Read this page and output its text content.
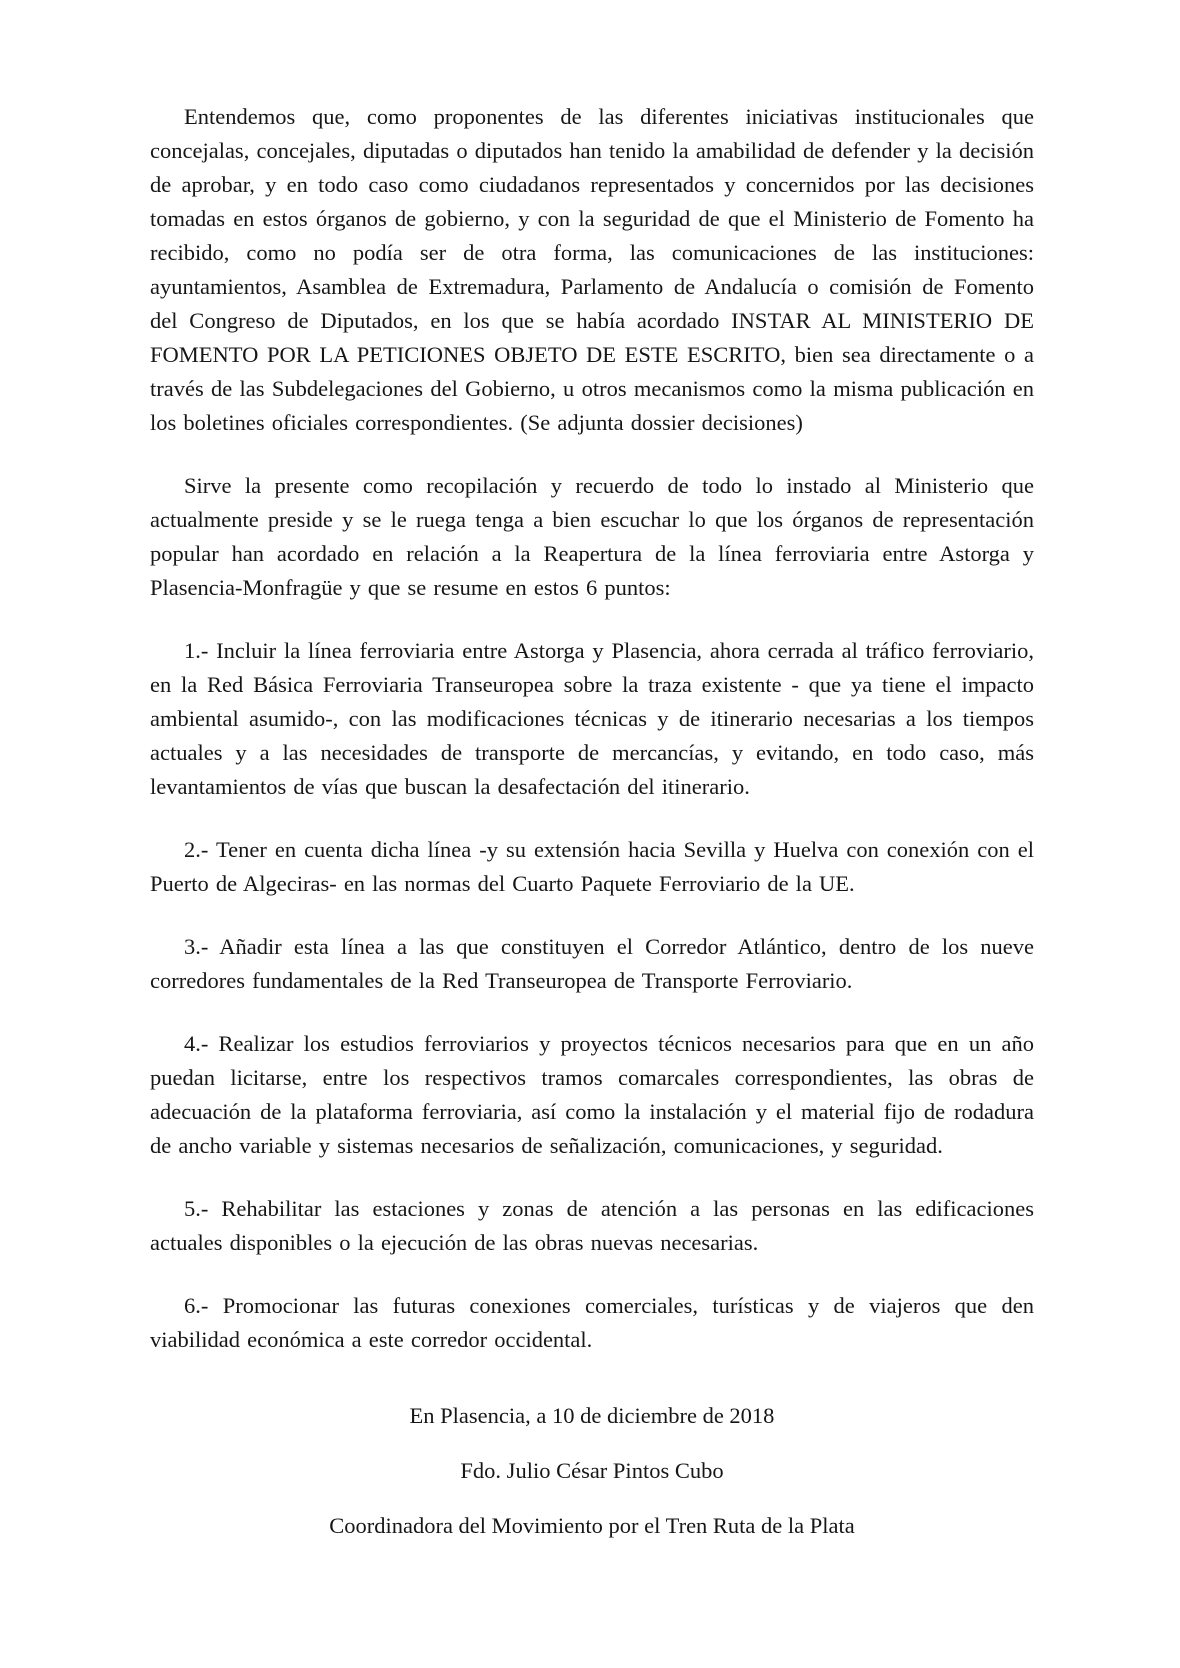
Entendemos que, como proponentes de las diferentes iniciativas institucionales que concejalas, concejales, diputadas o diputados han tenido la amabilidad de defender y la decisión de aprobar, y en todo caso como ciudadanos representados y concernidos por las decisiones tomadas en estos órganos de gobierno, y con la seguridad de que el Ministerio de Fomento ha recibido, como no podía ser de otra forma, las comunicaciones de las instituciones: ayuntamientos, Asamblea de Extremadura, Parlamento de Andalucía o comisión de Fomento del Congreso de Diputados, en los que se había acordado INSTAR AL MINISTERIO DE FOMENTO POR LA PETICIONES OBJETO DE ESTE ESCRITO, bien sea directamente o a través de las Subdelegaciones del Gobierno, u otros mecanismos como la misma publicación en los boletines oficiales correspondientes. (Se adjunta dossier decisiones)

Sirve la presente como recopilación y recuerdo de todo lo instado al Ministerio que actualmente preside y se le ruega tenga a bien escuchar lo que los órganos de representación popular han acordado en relación a la Reapertura de la línea ferroviaria entre Astorga y Plasencia-Monfragüe y que se resume en estos 6 puntos:

1.- Incluir la línea ferroviaria entre Astorga y Plasencia, ahora cerrada al tráfico ferroviario, en la Red Básica Ferroviaria Transeuropea sobre la traza existente - que ya tiene el impacto ambiental asumido-, con las modificaciones técnicas y de itinerario necesarias a los tiempos actuales y a las necesidades de transporte de mercancías, y evitando, en todo caso, más levantamientos de vías que buscan la desafectación del itinerario.

2.- Tener en cuenta dicha línea -y su extensión hacia Sevilla y Huelva con conexión con el Puerto de Algeciras- en las normas del Cuarto Paquete Ferroviario de la UE.

3.- Añadir esta línea a las que constituyen el Corredor Atlántico, dentro de los nueve corredores fundamentales de la Red Transeuropea de Transporte Ferroviario.

4.- Realizar los estudios ferroviarios y proyectos técnicos necesarios para que en un año puedan licitarse, entre los respectivos tramos comarcales correspondientes, las obras de adecuación de la plataforma ferroviaria, así como la instalación y el material fijo de rodadura de ancho variable y sistemas necesarios de señalización, comunicaciones, y seguridad.

5.- Rehabilitar las estaciones y zonas de atención a las personas en las edificaciones actuales disponibles o la ejecución de las obras nuevas necesarias.

6.- Promocionar las futuras conexiones comerciales, turísticas y de viajeros que den viabilidad económica a este corredor occidental.

En Plasencia, a 10 de diciembre de 2018

Fdo. Julio César Pintos Cubo

Coordinadora del Movimiento por el Tren Ruta de la Plata
